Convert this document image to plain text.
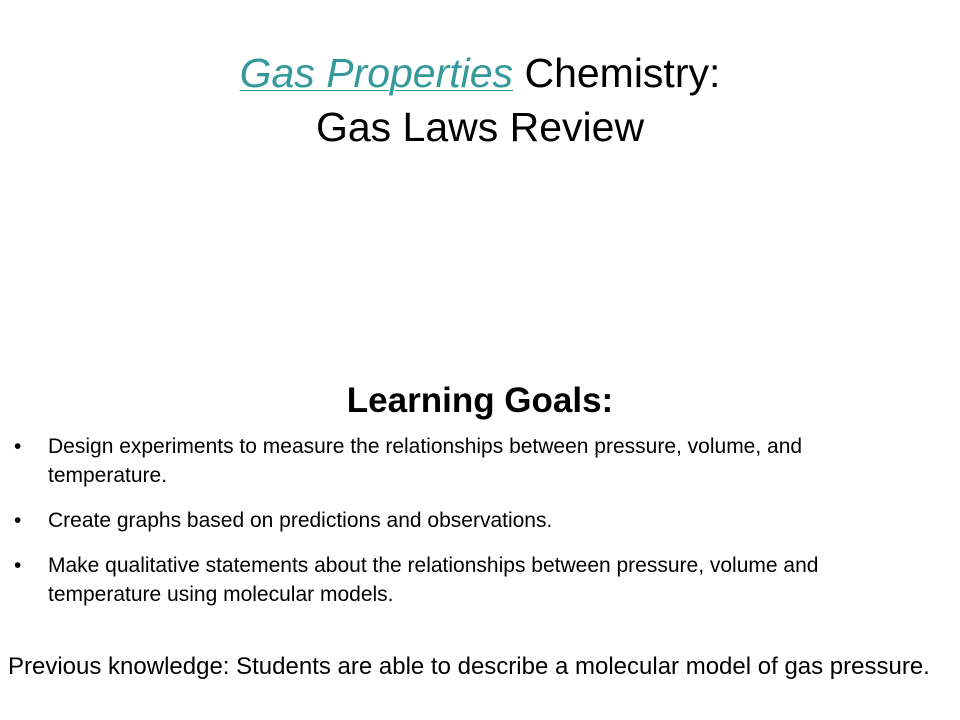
Gas Properties Chemistry:
Gas Laws Review
Learning Goals:
• Design experiments to measure the relationships between pressure, volume, and temperature.
• Create graphs based on predictions and observations.
• Make qualitative statements about the relationships between pressure, volume and temperature using molecular models.
Previous knowledge: Students are able to describe a molecular model of gas pressure.
